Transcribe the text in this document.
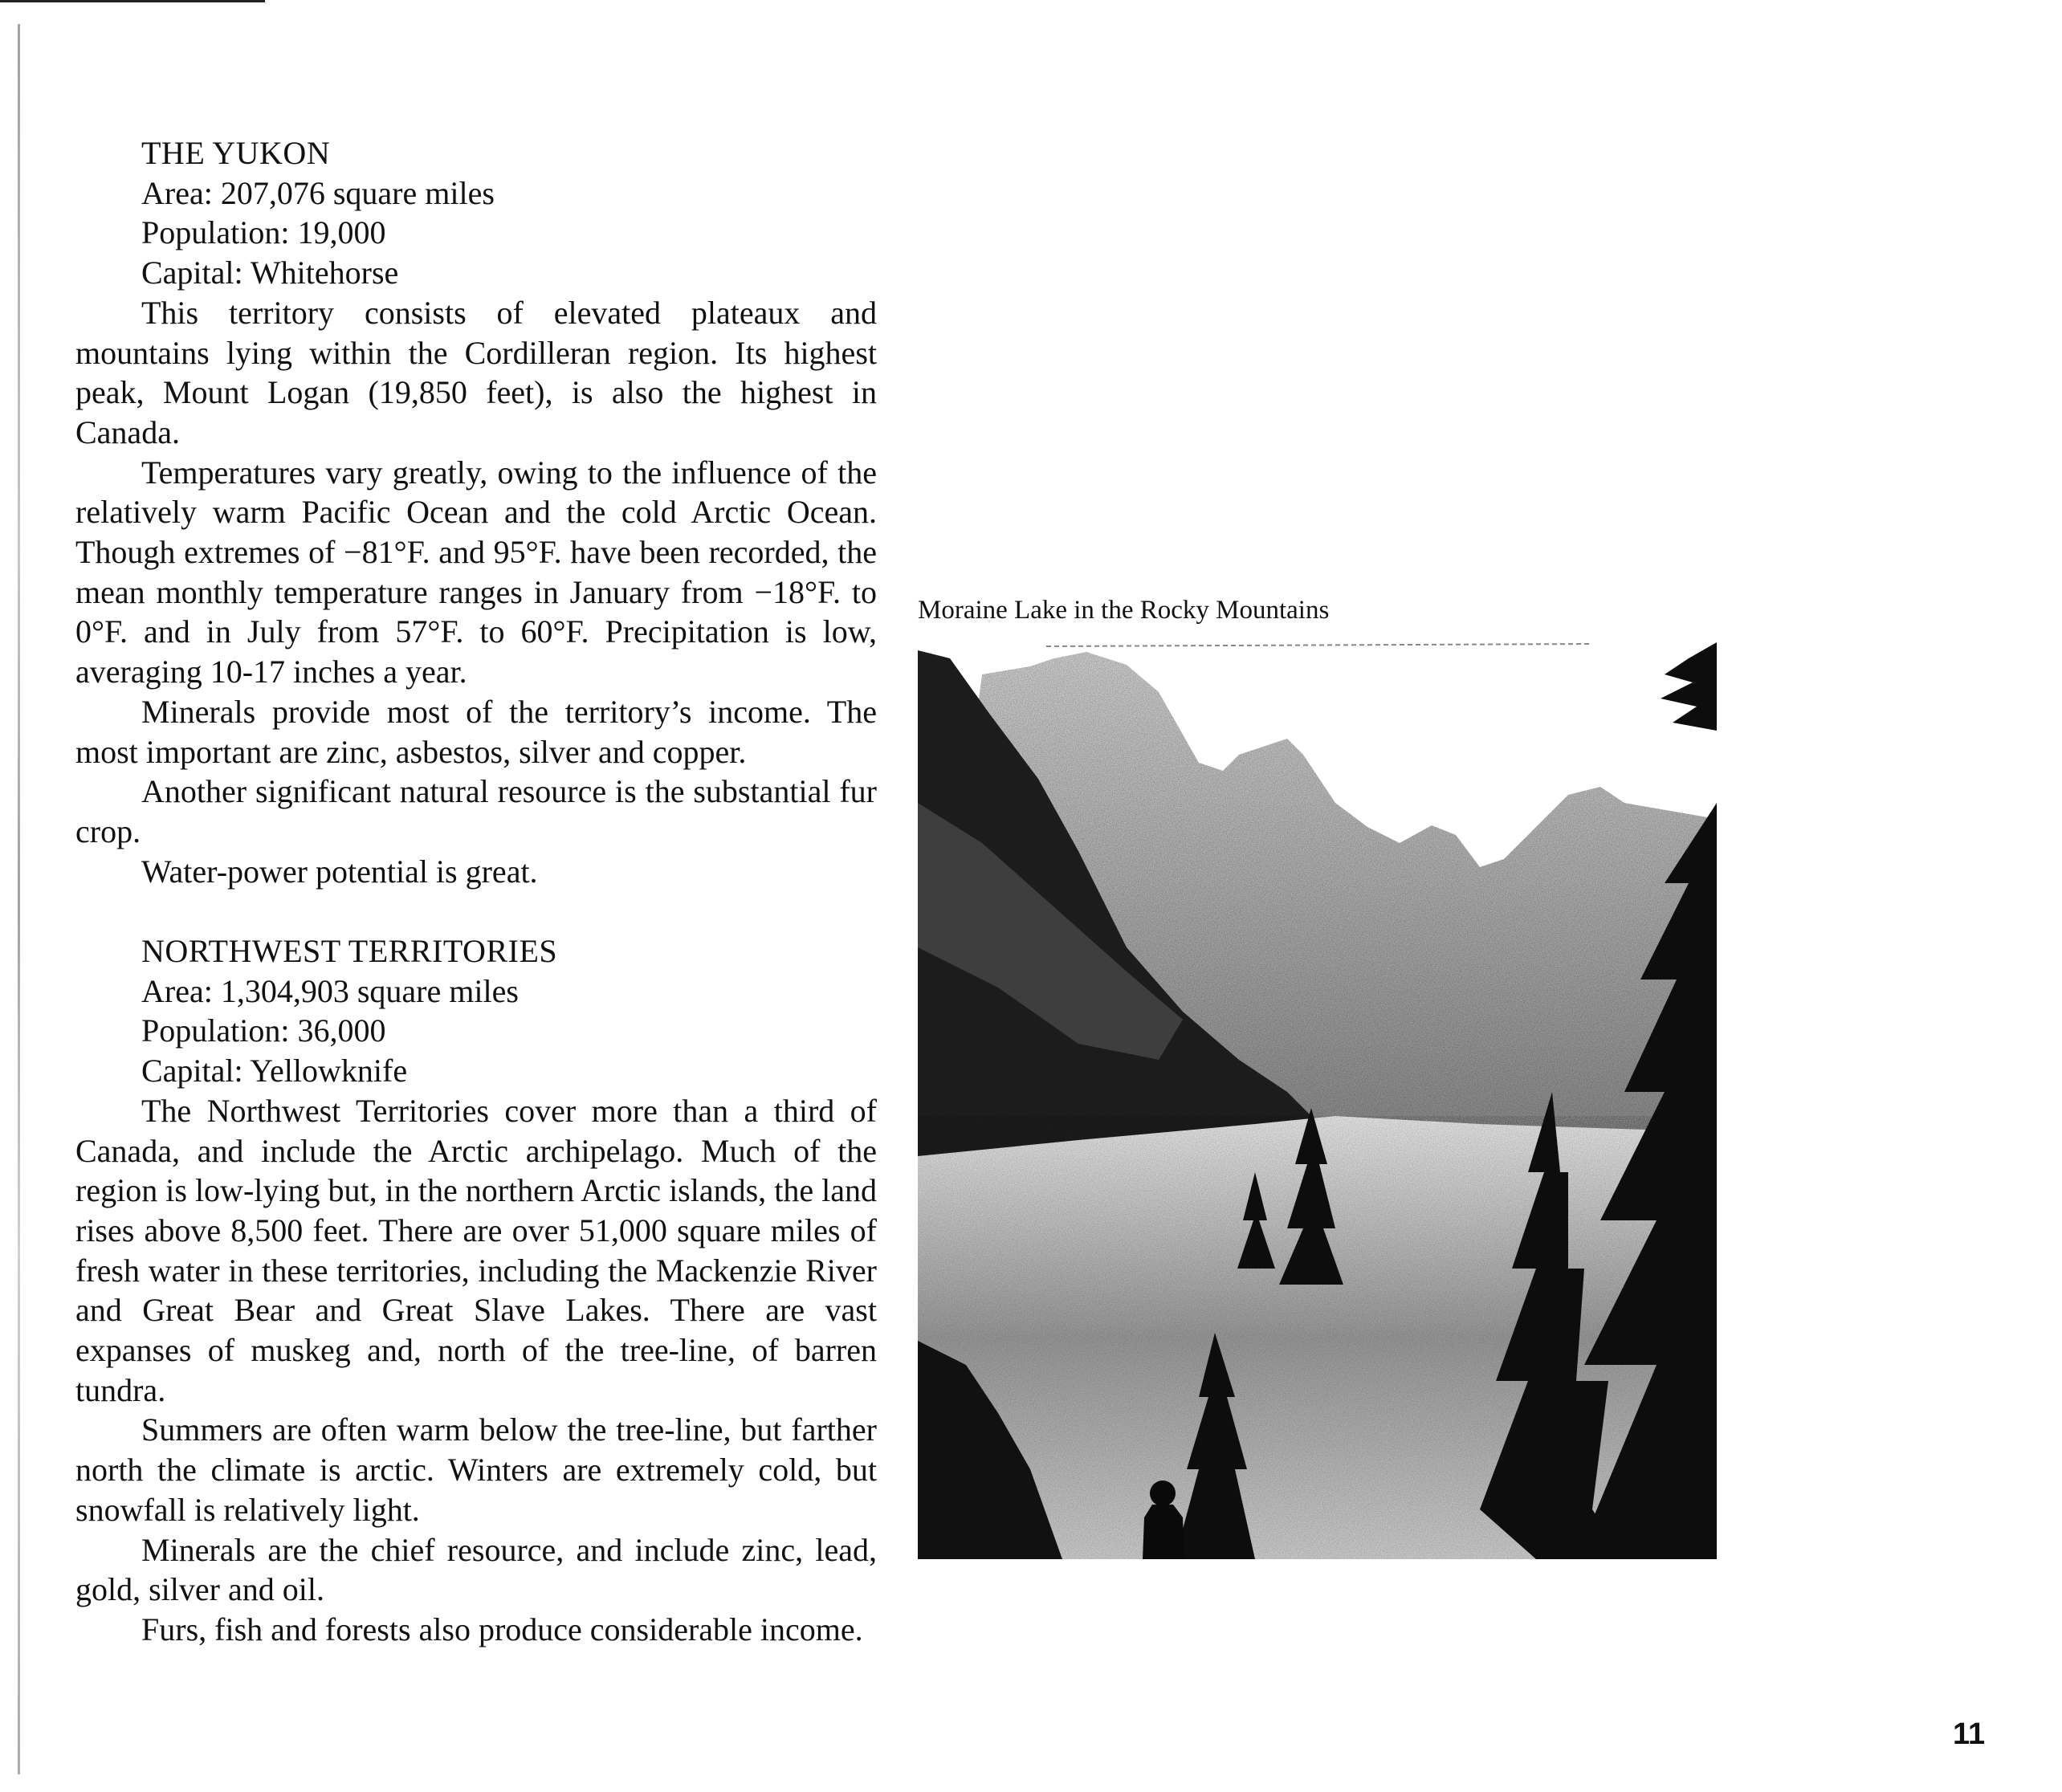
THE YUKON
Area: 207,076 square miles
Population: 19,000
Capital: Whitehorse

This territory consists of elevated plateaux and mountains lying within the Cordilleran region. Its highest peak, Mount Logan (19,850 feet), is also the highest in Canada.

Temperatures vary greatly, owing to the influence of the relatively warm Pacific Ocean and the cold Arctic Ocean. Though extremes of −81°F. and 95°F. have been recorded, the mean monthly temperature ranges in January from −18°F. to 0°F. and in July from 57°F. to 60°F. Precipitation is low, averaging 10-17 inches a year.

Minerals provide most of the territory’s income. The most important are zinc, asbestos, silver and copper.

Another significant natural resource is the substantial fur crop.

Water-power potential is great.

NORTHWEST TERRITORIES
Area: 1,304,903 square miles
Population: 36,000
Capital: Yellowknife

The Northwest Territories cover more than a third of Canada, and include the Arctic archipelago. Much of the region is low-lying but, in the northern Arctic islands, the land rises above 8,500 feet. There are over 51,000 square miles of fresh water in these territories, including the Mackenzie River and Great Bear and Great Slave Lakes. There are vast expanses of muskeg and, north of the tree-line, of barren tundra.

Summers are often warm below the tree-line, but farther north the climate is arctic. Winters are extremely cold, but snowfall is relatively light.

Minerals are the chief resource, and include zinc, lead, gold, silver and oil.

Furs, fish and forests also produce considerable income.

Moraine Lake in the Rocky Mountains
11
